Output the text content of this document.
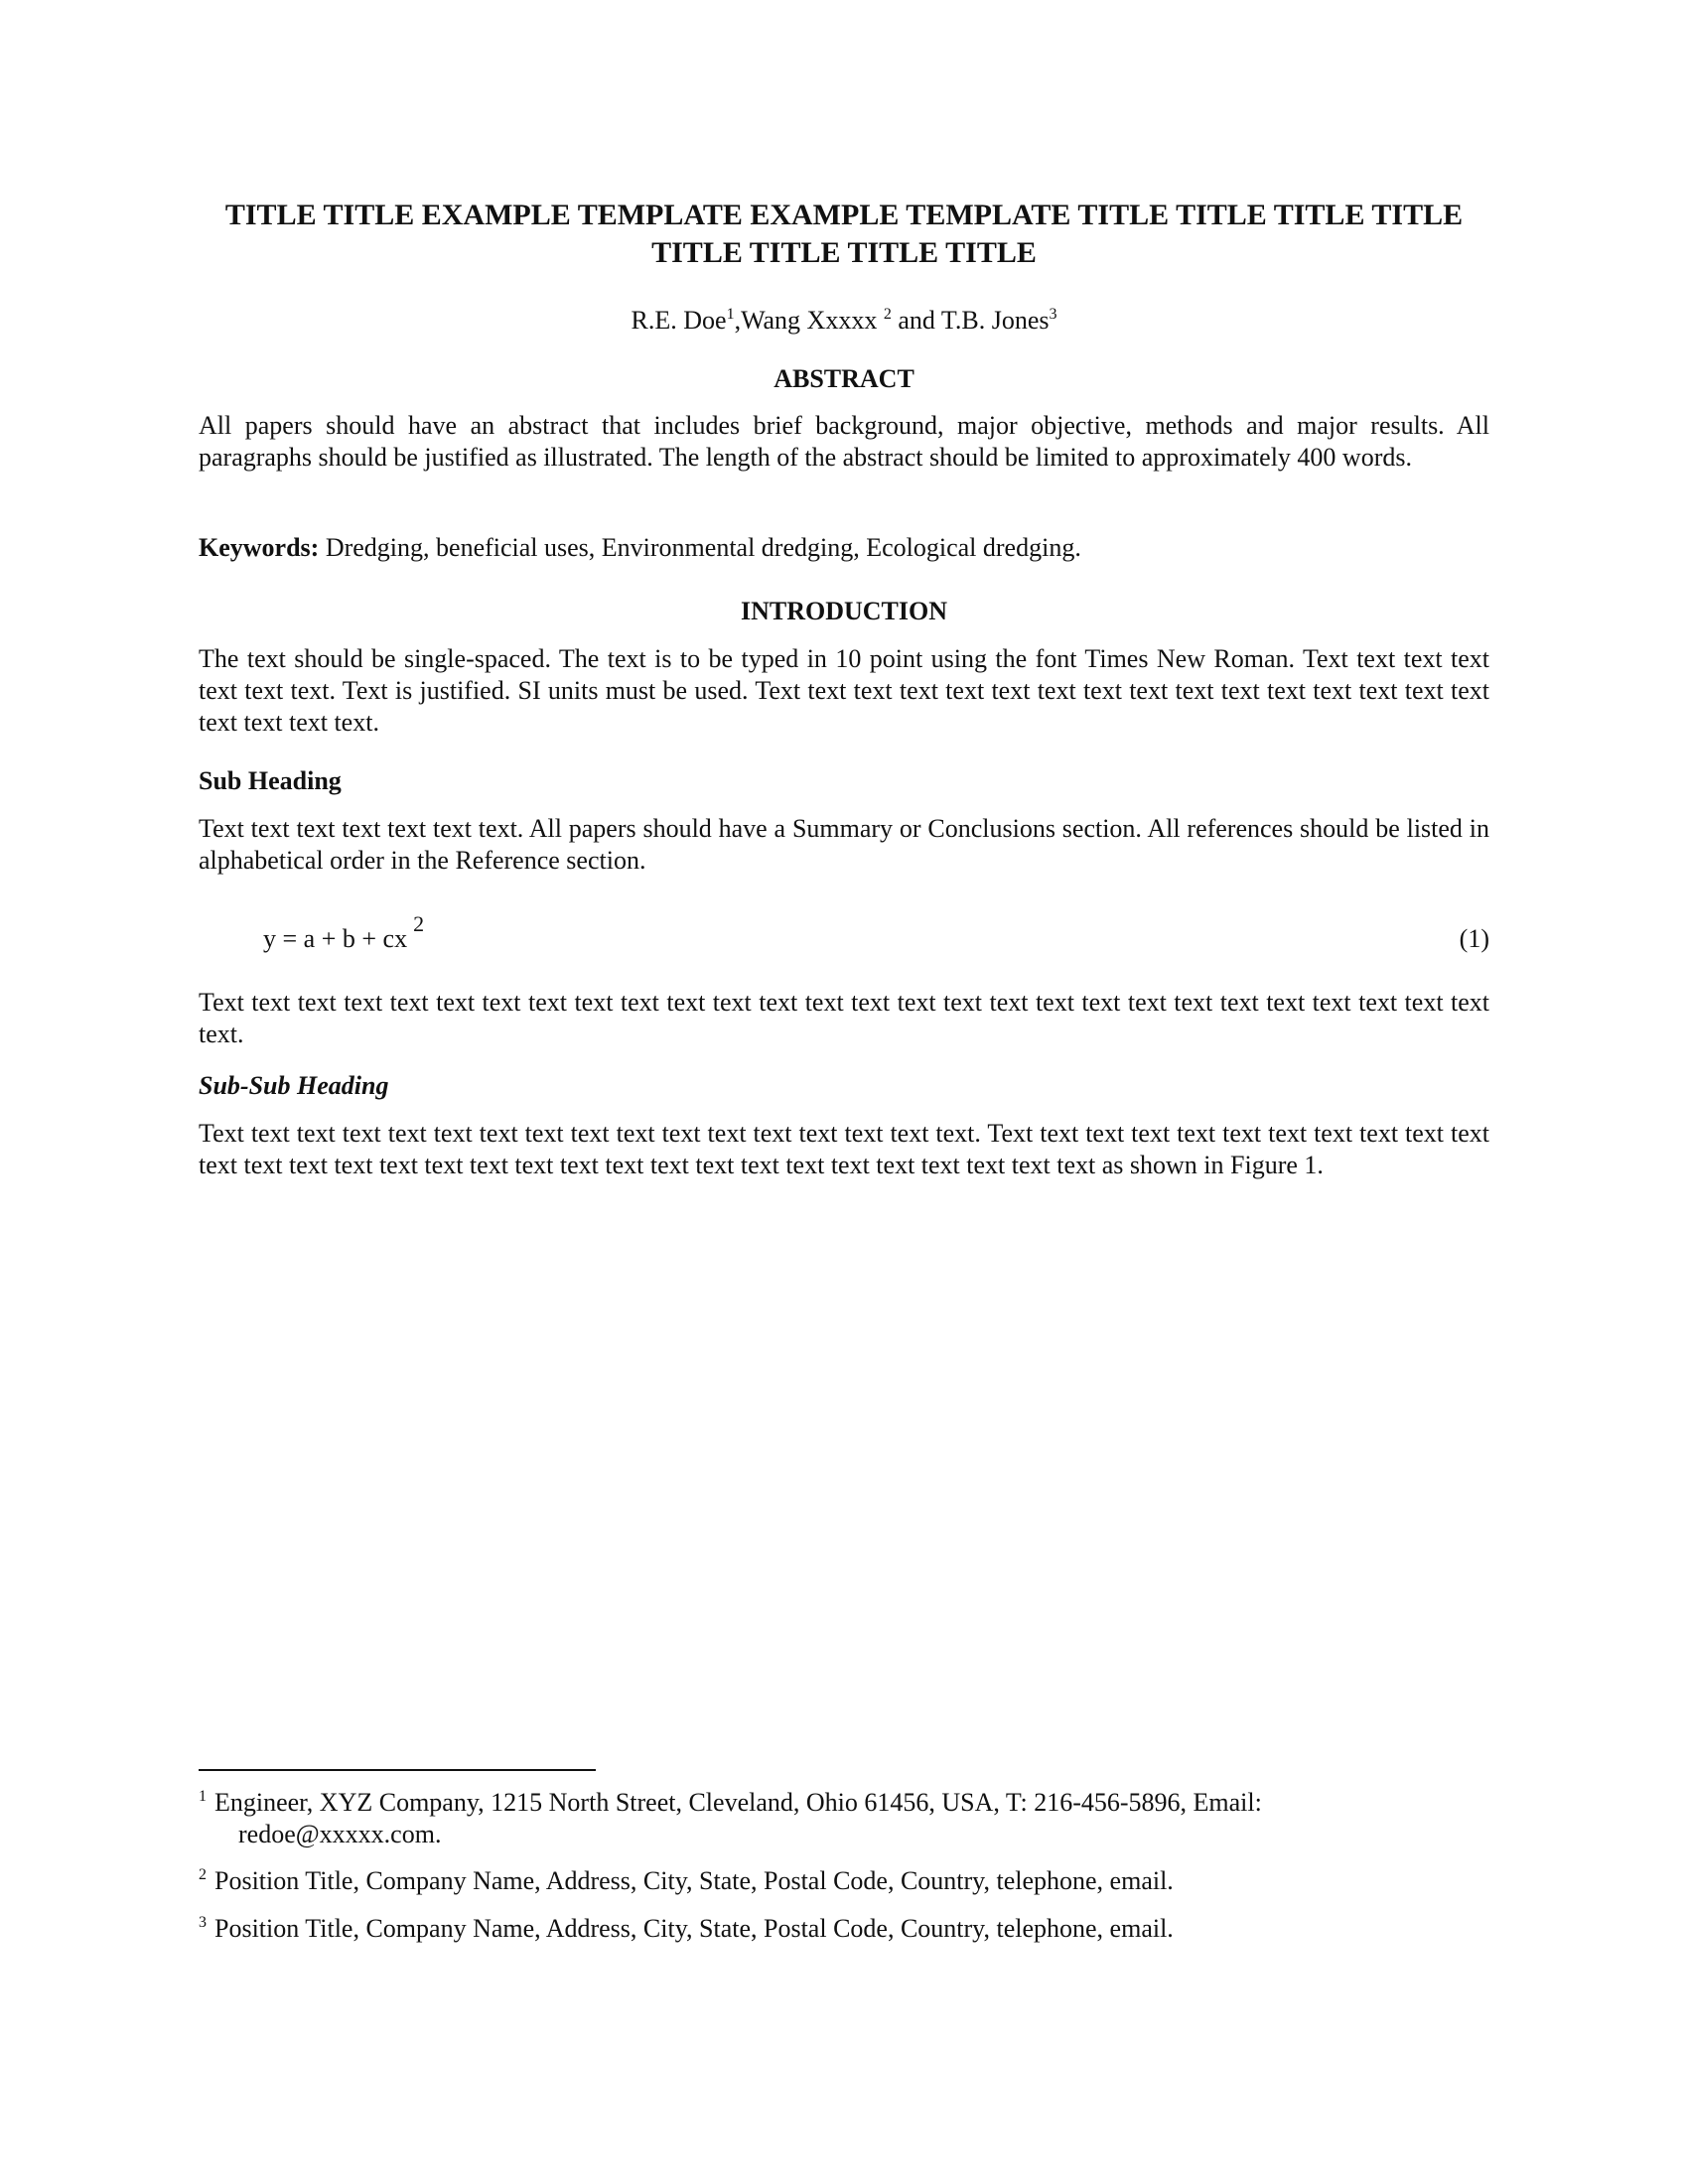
TITLE TITLE EXAMPLE TEMPLATE EXAMPLE TEMPLATE TITLE TITLE TITLE TITLE TITLE TITLE TITLE TITLE
R.E. Doe$^1$,Wang Xxxxx $^2$ and T.B. Jones$^3$
ABSTRACT

All papers should have an abstract that includes brief background, major objective, methods and major results. All paragraphs should be justified as illustrated. The length of the abstract should be limited to approximately 400 words.

Keywords: Dredging, beneficial uses, Environmental dredging, Ecological dredging.

INTRODUCTION

The text should be single-spaced. The text is to be typed in 10 point using the font Times New Roman. Text text text text text text text. Text is justified. SI units must be used. Text text text text text text text text text text text text text text text text text text text text.

Sub Heading

Text text text text text text text. All papers should have a Summary or Conclusions section. All references should be listed in alphabetical order in the Reference section.

$y = a + b + cx^2$
(1)

Text text text text text text text text text text text text text text text text text text text text text text text text text text text text text.

Sub-Sub Heading

Text text text text text text text text text text text text text text text text text. Text text text text text text text text text text text text text text text text text text text text text text text text text text text text text text text as shown in Figure 1.

$^1$ Engineer, XYZ Company, 1215 North Street, Cleveland, Ohio 61456, USA, T: 216-456-5896, Email:
redoe@xxxxx.com.

$^2$ Position Title, Company Name, Address, City, State, Postal Code, Country, telephone, email.

$^3$ Position Title, Company Name, Address, City, State, Postal Code, Country, telephone, email.
